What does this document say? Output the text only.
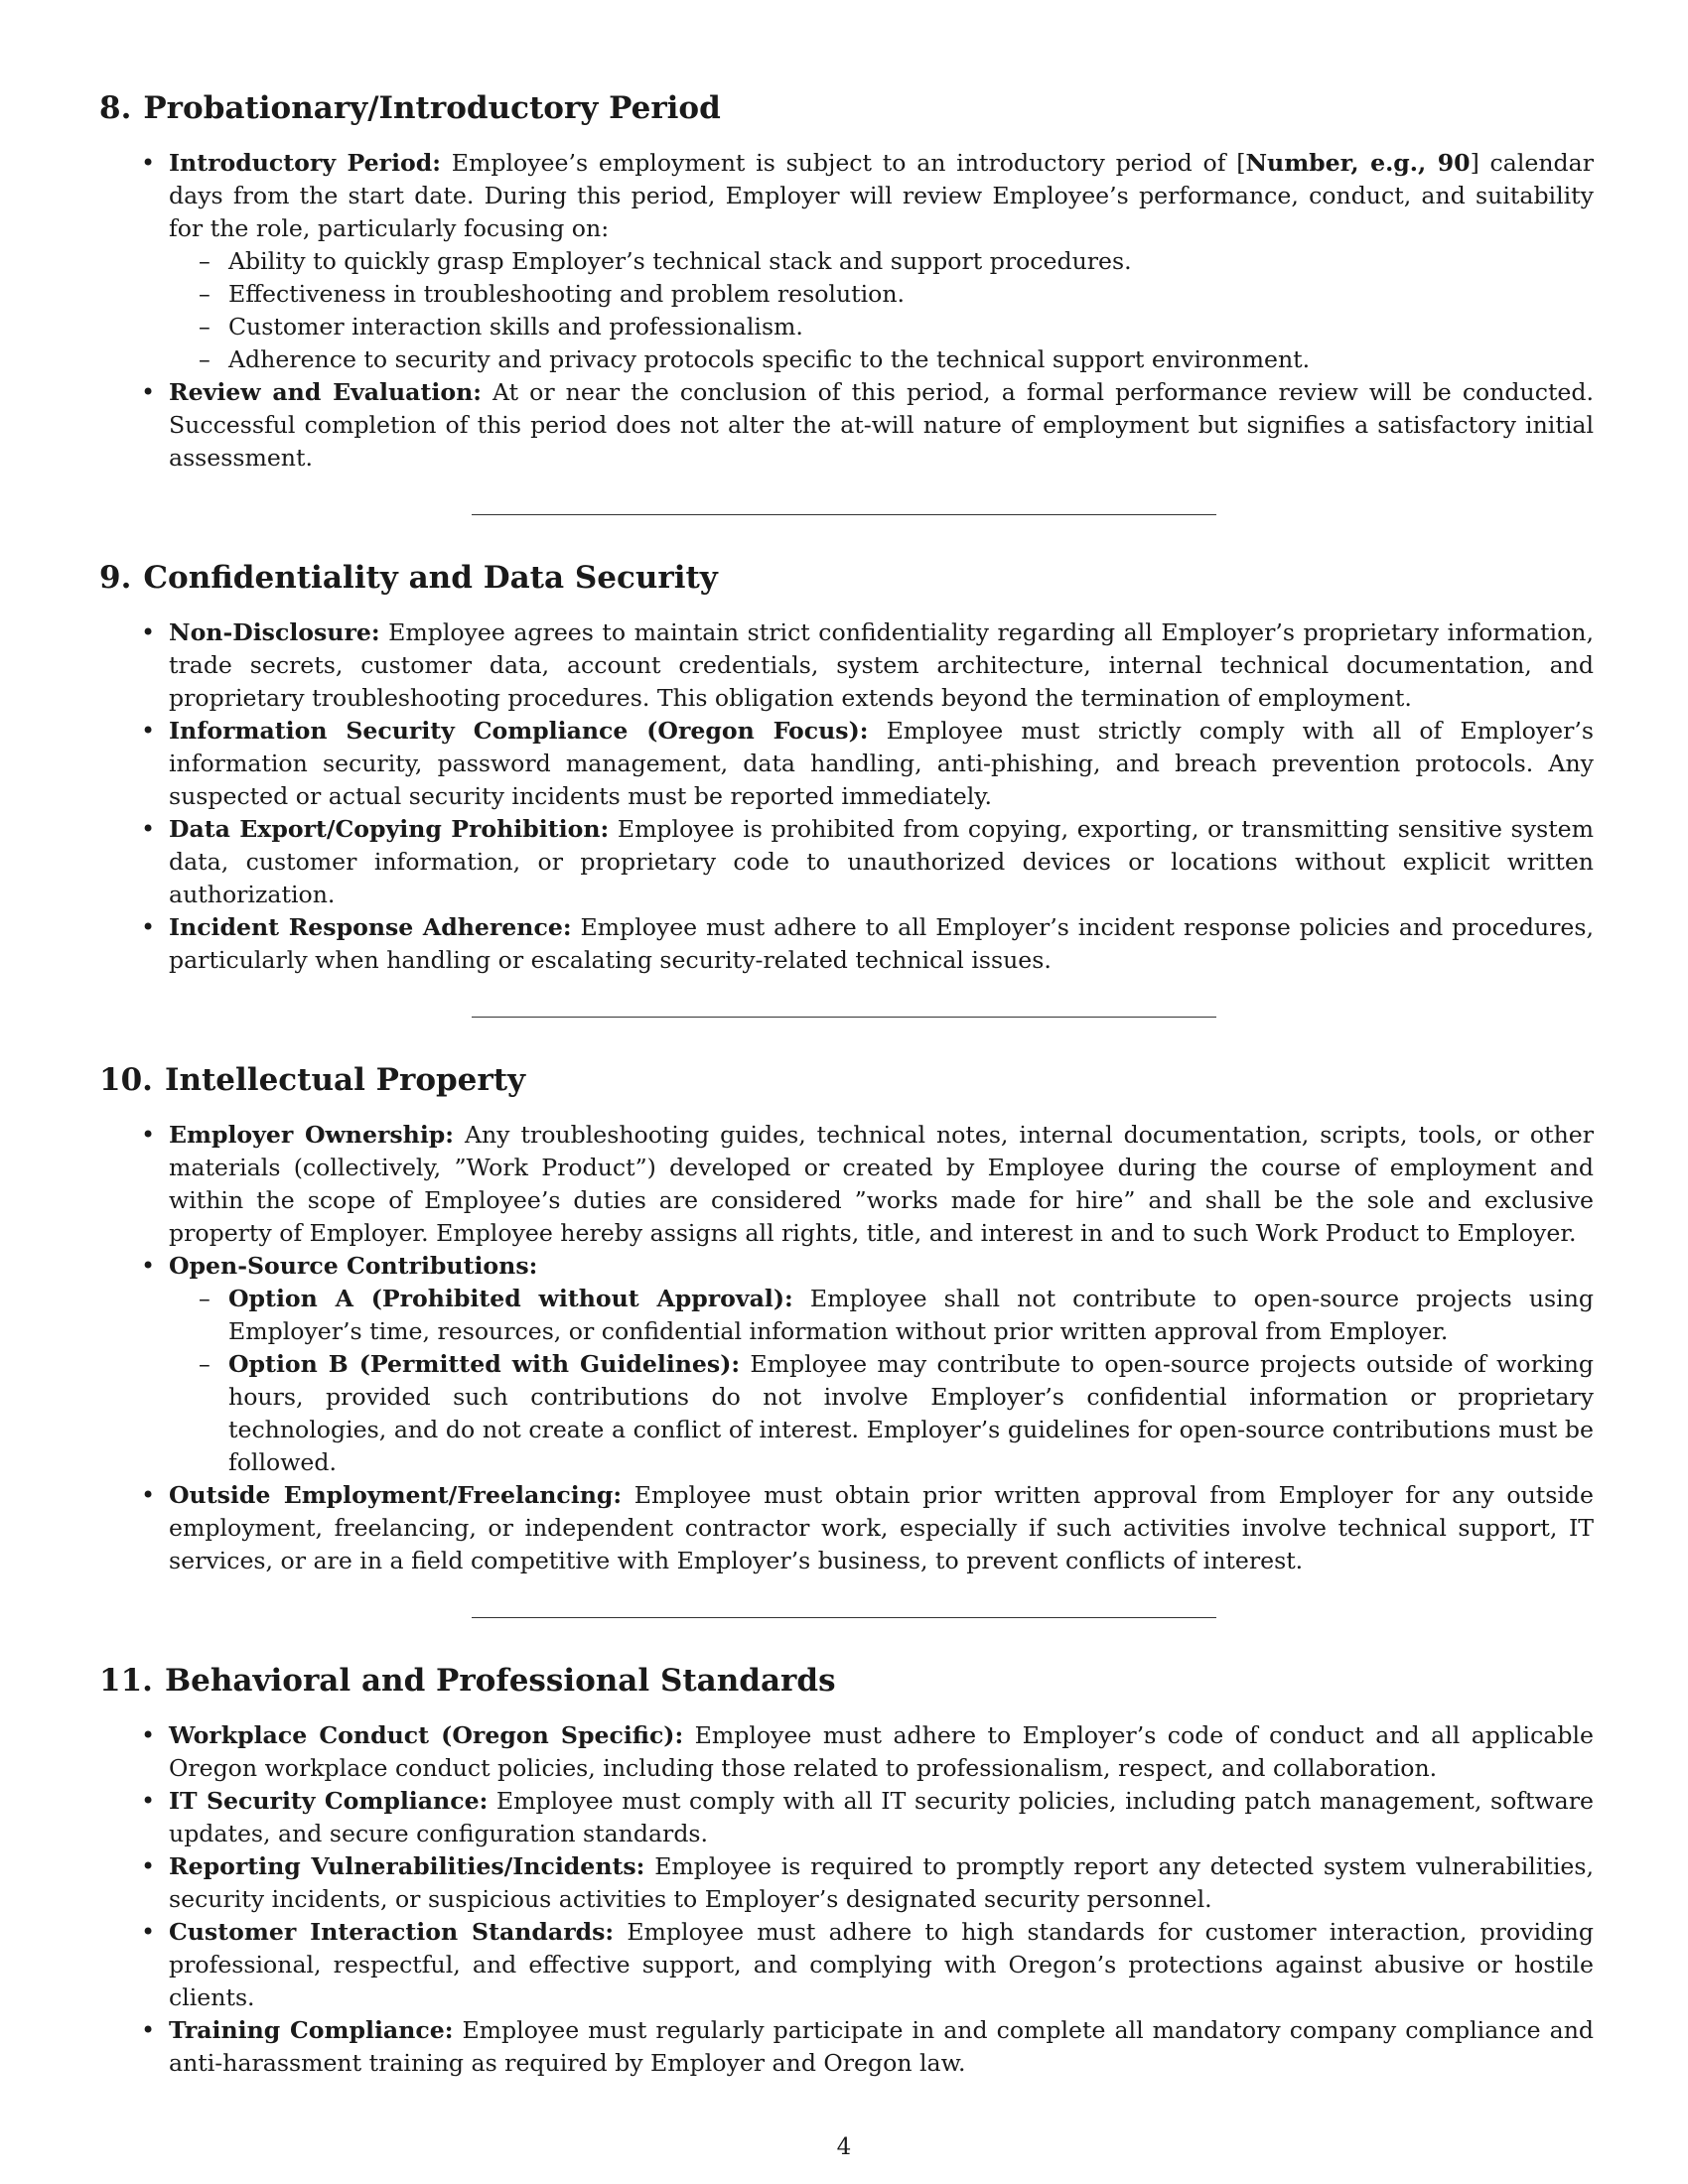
8. Probationary/Introductory Period
• Introductory Period: Employee’s employment is subject to an introductory period of [Number, e.g., 90] calendar days from the start date. During this period, Employer will review Employee’s performance, conduct, and suitability for the role, particularly focusing on:
– Ability to quickly grasp Employer’s technical stack and support procedures.
– Effectiveness in troubleshooting and problem resolution.
– Customer interaction skills and professionalism.
– Adherence to security and privacy protocols specific to the technical support environment.
• Review and Evaluation: At or near the conclusion of this period, a formal performance review will be conducted. Successful completion of this period does not alter the at-will nature of employment but signifies a satisfactory initial assessment.
9. Confidentiality and Data Security
• Non-Disclosure: Employee agrees to maintain strict confidentiality regarding all Employer’s proprietary information, trade secrets, customer data, account credentials, system architecture, internal technical documentation, and proprietary troubleshooting procedures. This obligation extends beyond the termination of employment.
• Information Security Compliance (Oregon Focus): Employee must strictly comply with all of Employer’s information security, password management, data handling, anti-phishing, and breach prevention protocols. Any suspected or actual security incidents must be reported immediately.
• Data Export/Copying Prohibition: Employee is prohibited from copying, exporting, or transmitting sensitive system data, customer information, or proprietary code to unauthorized devices or locations without explicit written authorization.
• Incident Response Adherence: Employee must adhere to all Employer’s incident response policies and procedures, particularly when handling or escalating security-related technical issues.
10. Intellectual Property
• Employer Ownership: Any troubleshooting guides, technical notes, internal documentation, scripts, tools, or other materials (collectively, ”Work Product”) developed or created by Employee during the course of employment and within the scope of Employee’s duties are considered ”works made for hire” and shall be the sole and exclusive property of Employer. Employee hereby assigns all rights, title, and interest in and to such Work Product to Employer.
• Open-Source Contributions:
– Option A (Prohibited without Approval): Employee shall not contribute to open-source projects using Employer’s time, resources, or confidential information without prior written approval from Employer.
– Option B (Permitted with Guidelines): Employee may contribute to open-source projects outside of working hours, provided such contributions do not involve Employer’s confidential information or proprietary technologies, and do not create a conflict of interest. Employer’s guidelines for open-source contributions must be followed.
• Outside Employment/Freelancing: Employee must obtain prior written approval from Employer for any outside employment, freelancing, or independent contractor work, especially if such activities involve technical support, IT services, or are in a field competitive with Employer’s business, to prevent conflicts of interest.
11. Behavioral and Professional Standards
• Workplace Conduct (Oregon Specific): Employee must adhere to Employer’s code of conduct and all applicable Oregon workplace conduct policies, including those related to professionalism, respect, and collaboration.
• IT Security Compliance: Employee must comply with all IT security policies, including patch management, software updates, and secure configuration standards.
• Reporting Vulnerabilities/Incidents: Employee is required to promptly report any detected system vulnerabilities, security incidents, or suspicious activities to Employer’s designated security personnel.
• Customer Interaction Standards: Employee must adhere to high standards for customer interaction, providing professional, respectful, and effective support, and complying with Oregon’s protections against abusive or hostile clients.
• Training Compliance: Employee must regularly participate in and complete all mandatory company compliance and anti-harassment training as required by Employer and Oregon law.
4
